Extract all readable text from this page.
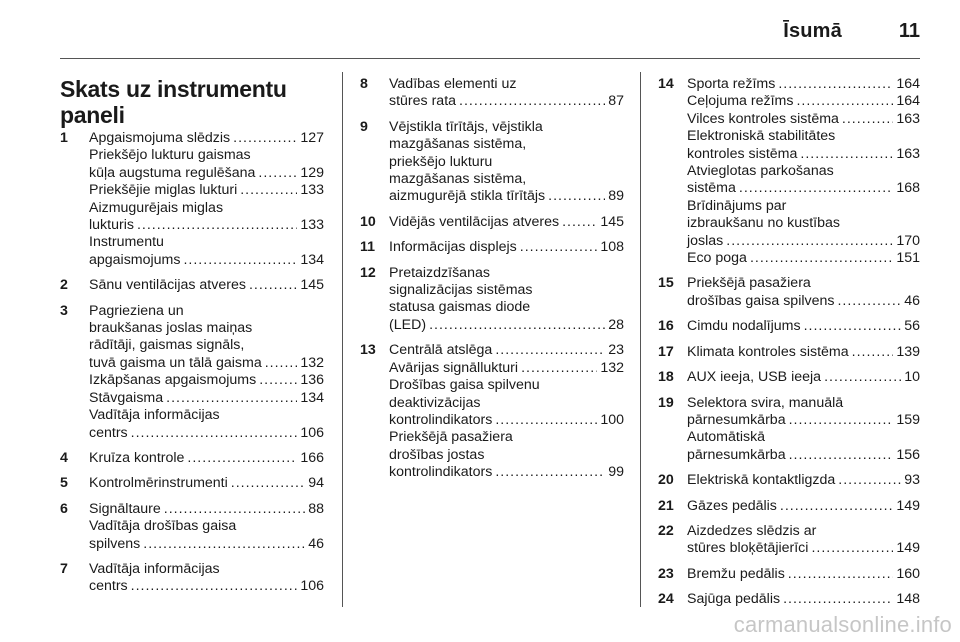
Īsumā	11
Skats uz instrumentu paneli
1	Apgaismojuma slēdzis .....	127
Priekšējo lukturu gaismas
kūļa augstuma regulēšana .....	129
Priekšējie miglas lukturi .....	133
Aizmugurējais miglas
lukturis .....	133
Instrumentu
apgaismojums .....	134
2	Sānu ventilācijas atveres .....	145
3	Pagrieziena un
braukšanas joslas maiņas
rādītāji, gaismas signāls,
tuvā gaisma un tālā gaisma .....	132
Izkāpšanas apgaismojums .....	136
Stāvgaisma .....	134
Vadītāja informācijas
centrs .....	106
4	Kruīza kontrole .....	166
5	Kontrolmērinstrumenti .....	94
6	Signāltaure .....	88
Vadītāja drošības gaisa
spilvens .....	46
7	Vadītāja informācijas
centrs .....	106
8	Vadības elementi uz
stūres rata .....	87
9	Vējstikla tīrītājs, vējstikla
mazgāšanas sistēma,
priekšējo lukturu
mazgāšanas sistēma,
aizmugurējā stikla tīrītājs .....	89
10 Vidējās ventilācijas atveres .....	145
11 Informācijas displejs .....	108
12 Pretaizdzīšanas
signalizācijas sistēmas
statusa gaismas diode
(LED) .....	28
13 Centrālā atslēga .....	23
Avārijas signāllukturi .....	132
Drošības gaisa spilvenu
deaktivizācijas
kontrolindikators .....	100
Priekšējā pasažiera
drošības jostas
kontrolindikators .....	99
14 Sporta režīms .....	164
Ceļojuma režīms .....	164
Vilces kontroles sistēma .....	163
Elektroniskā stabilitātes
kontroles sistēma .....	163
Atvieglotas parkošanas
sistēma .....	168
Brīdinājums par
izbraukšanu no kustības
joslas .....	170
Eco poga .....	151
15 Priekšējā pasažiera
drošības gaisa spilvens .....	46
16 Cimdu nodalījums .....	56
17 Klimata kontroles sistēma .....	139
18 AUX ieeja, USB ieeja .....	10
19 Selektora svira, manuālā
pārnesumkārba .....	159
Automātiskā
pārnesumkārba .....	156
20 Elektriskā kontaktligzda .....	93
21 Gāzes pedālis .....	149
22 Aizdedzes slēdzis ar
stūres bloķētājierīci .....	149
23 Bremžu pedālis .....	160
24 Sajūga pedālis .....	148
carmanualsonline.info
